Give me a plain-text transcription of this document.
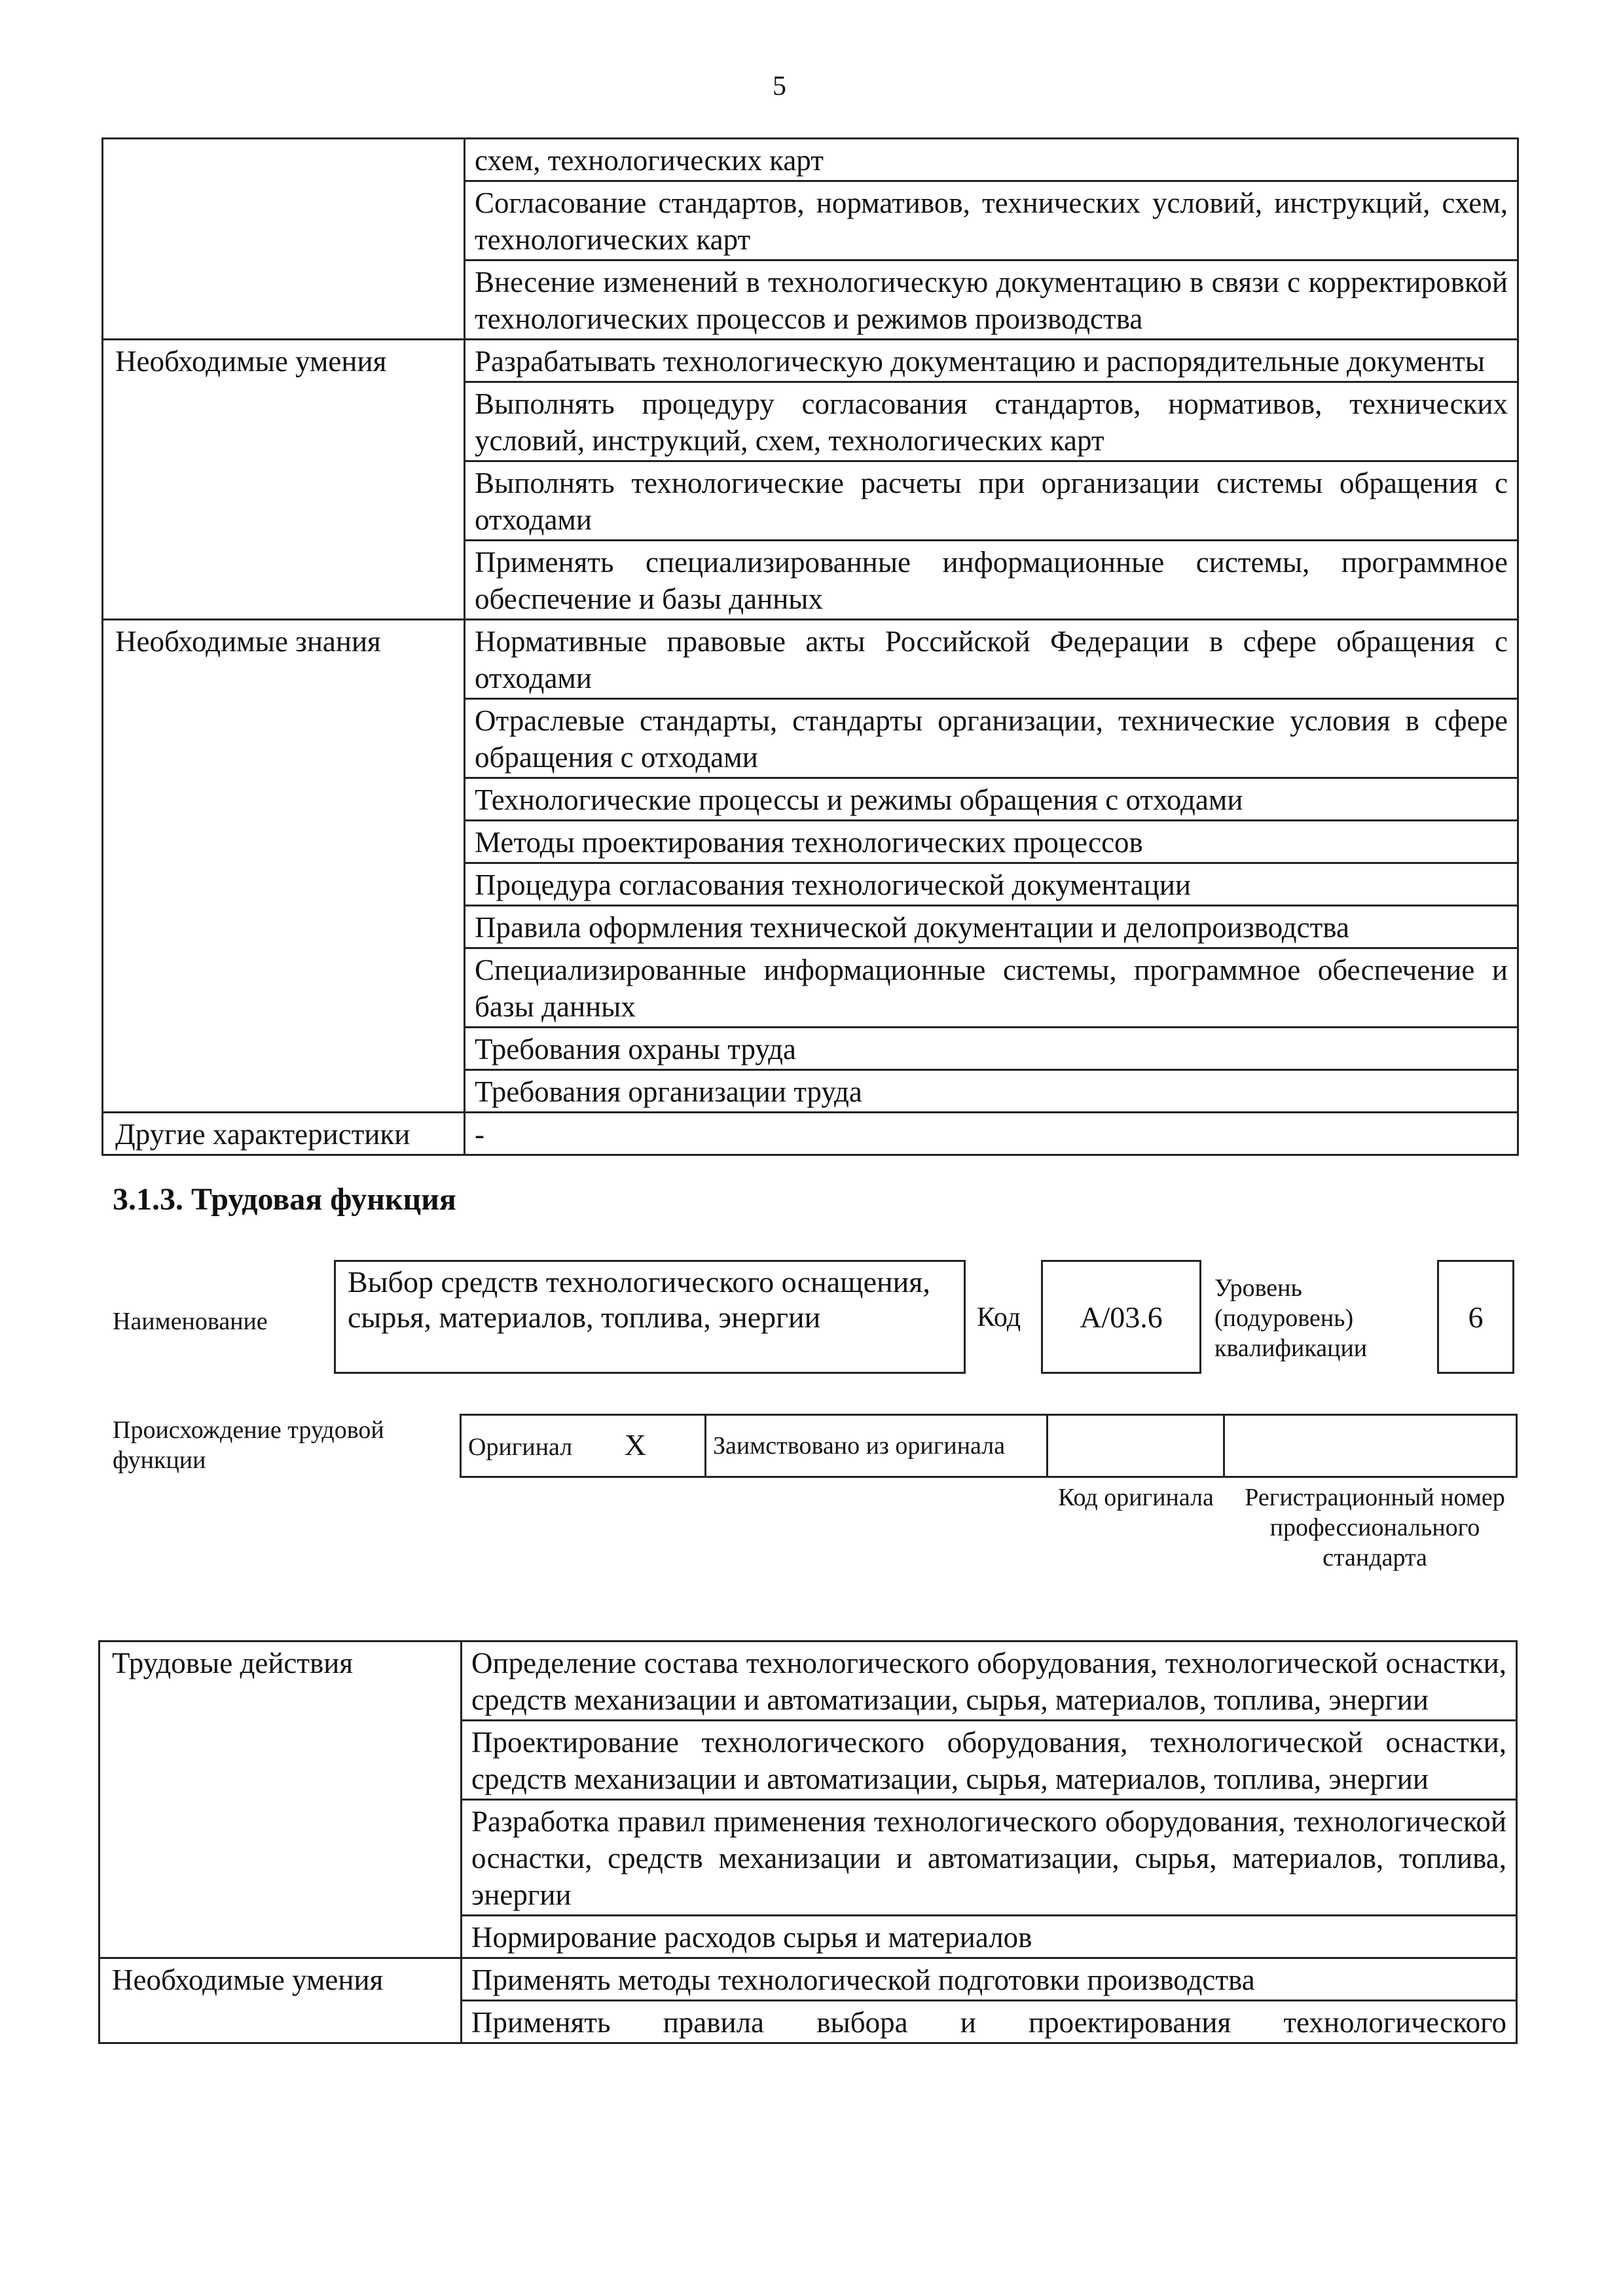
5
	схем, технологических карт
	Согласование стандартов, нормативов, технических условий, инструкций, схем, технологических карт
	Внесение изменений в технологическую документацию в связи с корректировкой технологических процессов и режимов производства
Необходимые умения	Разрабатывать технологическую документацию и распорядительные документы
	Выполнять процедуру согласования стандартов, нормативов, технических условий, инструкций, схем, технологических карт
	Выполнять технологические расчеты при организации системы обращения с отходами
	Применять специализированные информационные системы, программное обеспечение и базы данных
Необходимые знания	Нормативные правовые акты Российской Федерации в сфере обращения с отходами
	Отраслевые стандарты, стандарты организации, технические условия в сфере обращения с отходами
	Технологические процессы и режимы обращения с отходами
	Методы проектирования технологических процессов
	Процедура согласования технологической документации
	Правила оформления технической документации и делопроизводства
	Специализированные информационные системы, программное обеспечение и базы данных
	Требования охраны труда
	Требования организации труда
Другие характеристики	-
3.1.3. Трудовая функция
Наименование
Выбор средств технологического оснащения, сырья, материалов, топлива, энергии	Код	А/03.6
Уровень (подуровень) квалификации
6
Происхождение трудовой функции	Оригинал X	Заимствовано из оригинала		
Код оригинала	Регистрационный номер профессионального стандарта
Трудовые действия	Определение состава технологического оборудования, технологической оснастки, средств механизации и автоматизации, сырья, материалов, топлива, энергии
	Проектирование технологического оборудования, технологической оснастки, средств механизации и автоматизации, сырья, материалов, топлива, энергии
	Разработка правил применения технологического оборудования, технологической оснастки, средств механизации и автоматизации, сырья, материалов, топлива, энергии
	Нормирование расходов сырья и материалов
Необходимые умения	Применять методы технологической подготовки производства
	Применять правила выбора и проектирования технологического
